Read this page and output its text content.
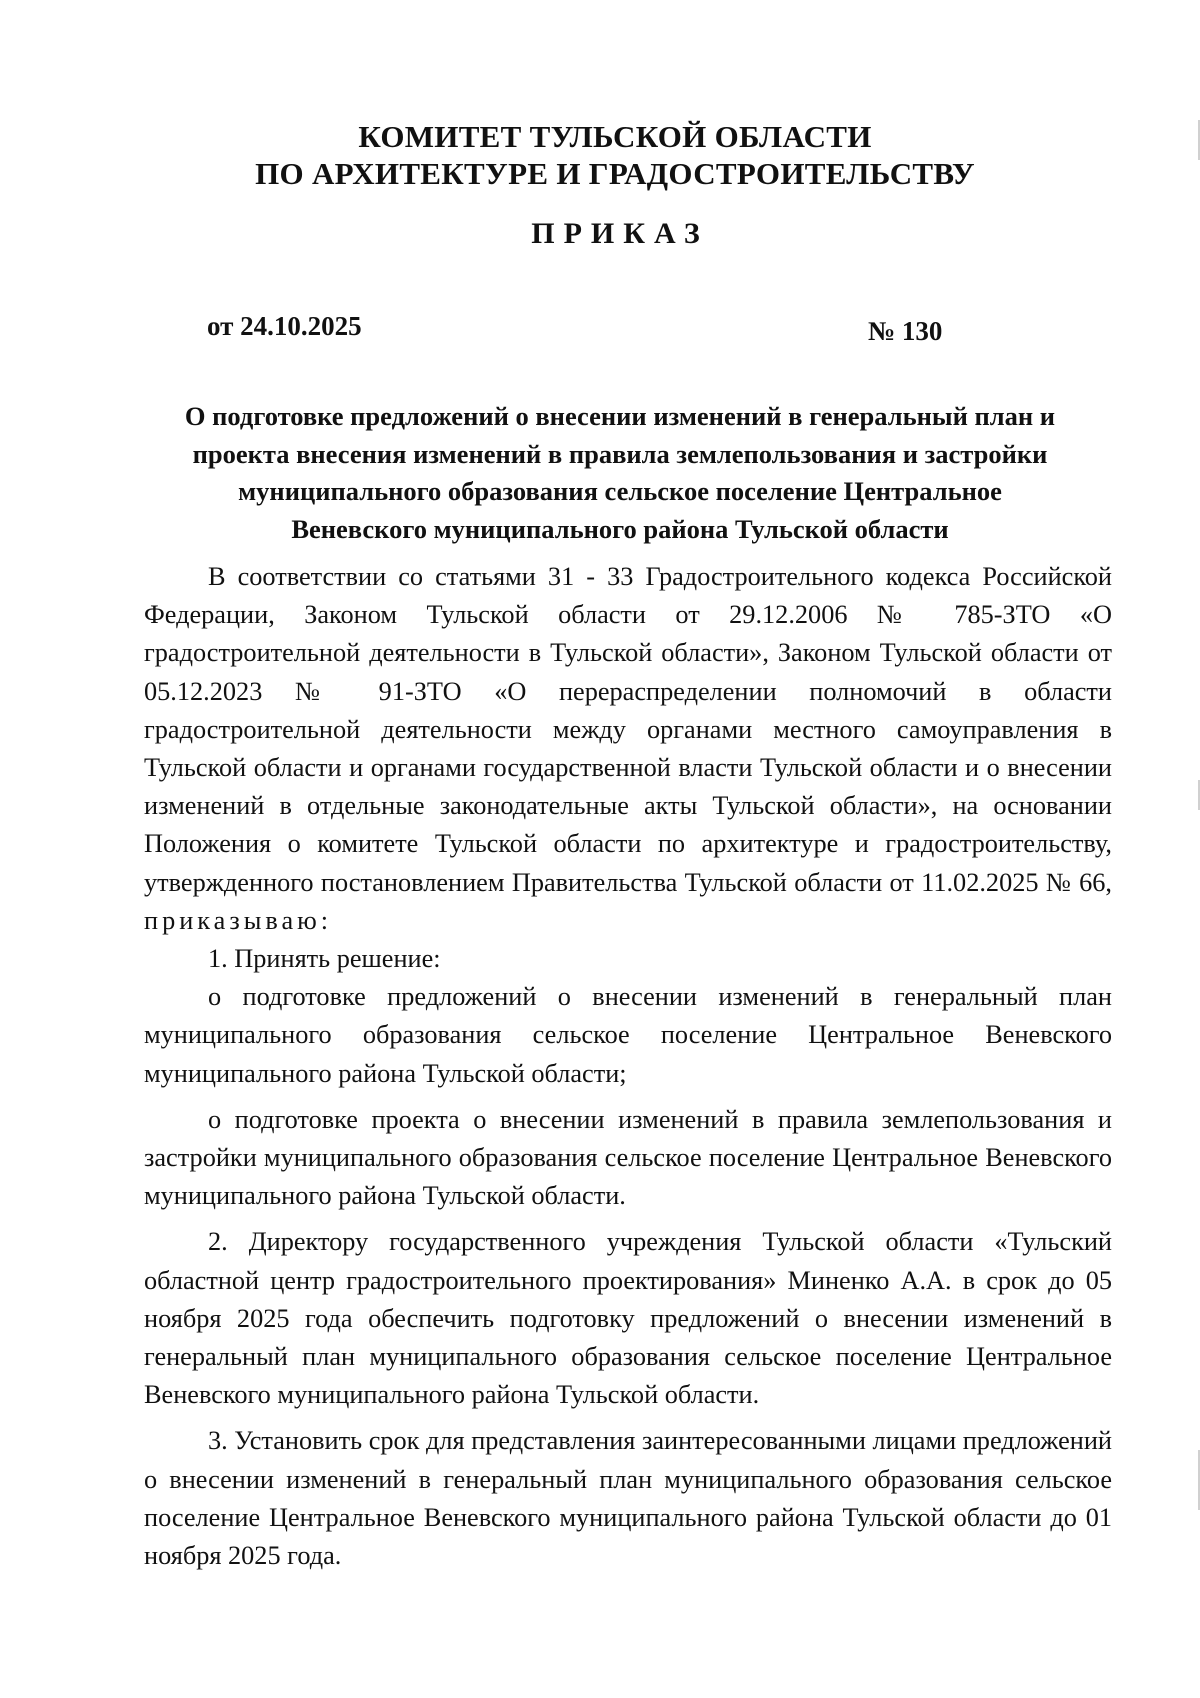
КОМИТЕТ ТУЛЬСКОЙ ОБЛАСТИ
ПО АРХИТЕКТУРЕ И ГРАДОСТРОИТЕЛЬСТВУ
ПРИКАЗ
от 24.10.2025	№ 130
О подготовке предложений о внесении изменений в генеральный план и
проекта внесения изменений в правила землепользования и застройки
муниципального образования сельское поселение Центральное
Веневского муниципального района Тульской области
В соответствии со статьями 31 - 33 Градостроительного кодекса Российской Федерации, Законом Тульской области от 29.12.2006 № 785-ЗТО «О градостроительной деятельности в Тульской области», Законом Тульской области от 05.12.2023 № 91-ЗТО «О перераспределении полномочий в области градостроительной деятельности между органами местного самоуправления в Тульской области и органами государственной власти Тульской области и о внесении изменений в отдельные законодательные акты Тульской области», на основании Положения о комитете Тульской области по архитектуре и градостроительству, утвержденного постановлением Правительства Тульской области от 11.02.2025 № 66, приказываю:
1. Принять решение:
о подготовке предложений о внесении изменений в генеральный план муниципального образования сельское поселение Центральное Веневского муниципального района Тульской области;
о подготовке проекта о внесении изменений в правила землепользования и застройки муниципального образования сельское поселение Центральное Веневского муниципального района Тульской области.
2. Директору государственного учреждения Тульской области «Тульский областной центр градостроительного проектирования» Миненко А.А. в срок до 05 ноября 2025 года обеспечить подготовку предложений о внесении изменений в генеральный план муниципального образования сельское поселение Центральное Веневского муниципального района Тульской области.
3. Установить срок для представления заинтересованными лицами предложений о внесении изменений в генеральный план муниципального образования сельское поселение Центральное Веневского муниципального района Тульской области до 01 ноября 2025 года.
